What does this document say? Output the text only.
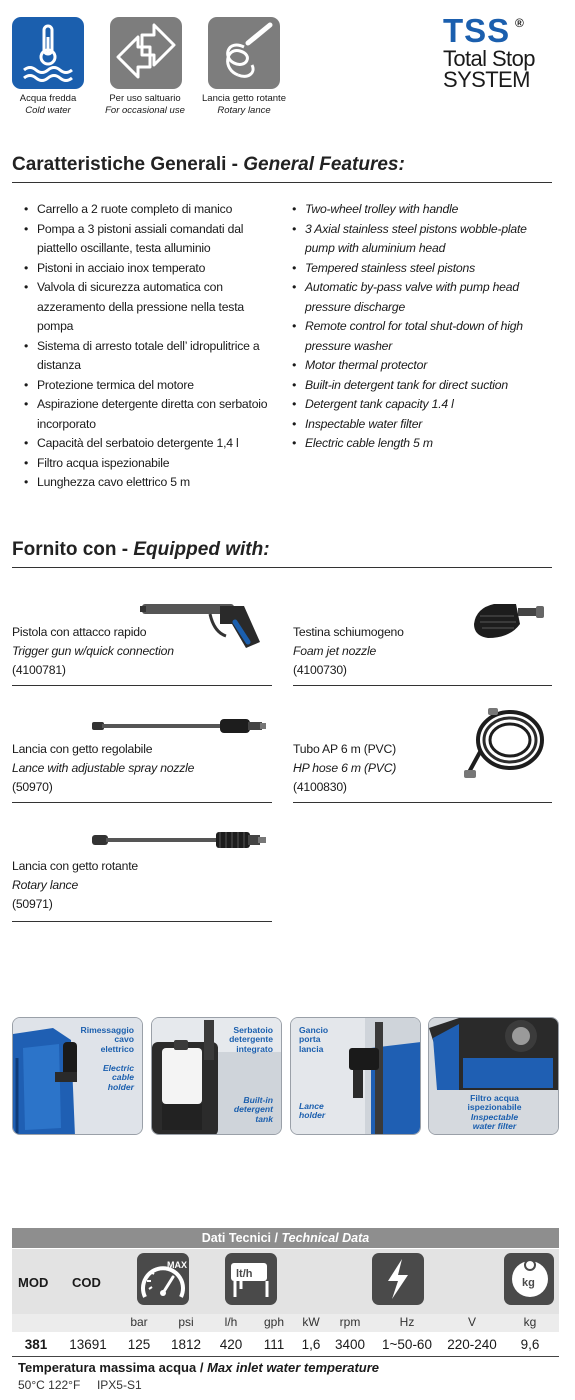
Acqua fredda
Cold water
Per uso saltuario
For occasional use
Lancia getto rotante
Rotary lance
TSS ®
Total Stop
SYSTEM
Caratteristiche Generali - General Features:
• Carrello a 2 ruote completo di manico
• Pompa a 3 pistoni assiali comandati dal piattello oscillante, testa alluminio
• Pistoni in acciaio inox temperato
• Valvola di sicurezza automatica con azzeramento della pressione nella testa pompa
• Sistema di arresto totale dell’ idropulitrice a distanza
• Protezione termica del motore
• Aspirazione detergente diretta con serbatoio incorporato
• Capacità del serbatoio detergente 1,4 l
• Filtro acqua ispezionabile
• Lunghezza cavo elettrico 5 m
• Two-wheel trolley with handle
• 3 Axial stainless steel pistons wobble-plate pump with aluminium head
• Tempered stainless steel pistons
• Automatic by-pass valve with pump head pressure discharge
• Remote control for total shut-down of high pressure washer
• Motor thermal protector
• Built-in detergent tank for direct suction
• Detergent tank capacity 1.4 l
• Inspectable water filter
• Electric cable length 5 m
Fornito con - Equipped with:
Pistola con attacco rapido
Trigger gun w/quick connection
(4100781)
Testina schiumogeno
Foam jet nozzle
(4100730)
Lancia con getto regolabile
Lance with adjustable spray nozzle
(50970)
Tubo AP 6 m (PVC)
HP hose 6 m (PVC)
(4100830)
Lancia con getto rotante
Rotary lance
(50971)
Rimessaggio
cavo
elettrico
Electric
cable
holder
Serbatoio
detergente
integrato
Built-in
detergent
tank
Gancio
porta
lancia
Lance
holder
Filtro acqua
ispezionabile
Inspectable
water filter
Dati Tecnici / Technical Data
MOD COD
MAX
lt/h
kg
bar	psi	l/h	gph	kW	rpm	Hz	V	kg
381	13691	125	1812	420	111	1,6	3400	1~50-60	220-240	9,6
Temperatura massima acqua / Max inlet water temperature
50°C 122°F     IPX5-S1
